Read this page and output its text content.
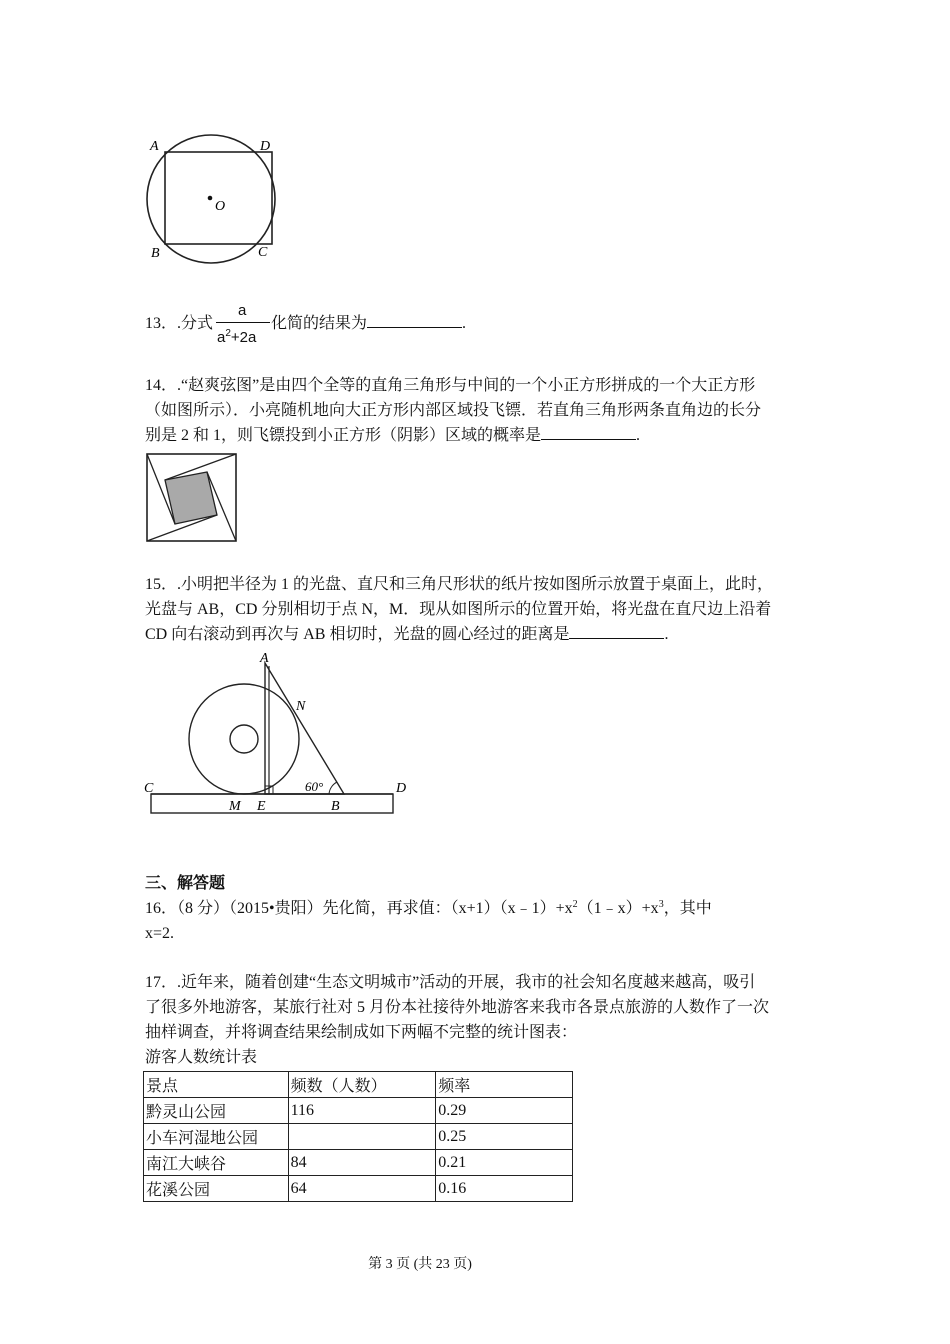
A	D
O
B	C
13．.分式
a
$a^2+2a$
化简的结果为	.
14．.“赵爽弦图”是由四个全等的直角三角形与中间的一个小正方形拼成的一个大正方形
（如图所示）．小亮随机地向大正方形内部区域投飞镖．若直角三角形两条直角边的长分
别是 2 和 1，则飞镖投到小正方形（阴影）区域的概率是	.
15．.小明把半径为 1 的光盘、直尺和三角尺形状的纸片按如图所示放置于桌面上，此时，
光盘与 AB，CD 分别相切于点 N，M．现从如图所示的位置开始，将光盘在直尺边上沿着
CD 向右滚动到再次与 AB 相切时，光盘的圆心经过的距离是	.
A
N
C	D
60°
M E	B
三、解答题
16．（8 分）（2015•贵阳）先化简，再求值：$(x+1)(x﹣1)+x^2(1﹣x)+x^3$，其中
x=2.
17．.近年来，随着创建“生态文明城市”活动的开展，我市的社会知名度越来越高，吸引
了很多外地游客，某旅行社对 5 月份本社接待外地游客来我市各景点旅游的人数作了一次
抽样调查，并将调查结果绘制成如下两幅不完整的统计图表：
游客人数统计表
景点	频数（人数）	频率
黔灵山公园	116	0.29
小车河湿地公园		0.25
南江大峡谷	84	0.21
花溪公园	64	0.16
第 3 页 (共 23 页)
